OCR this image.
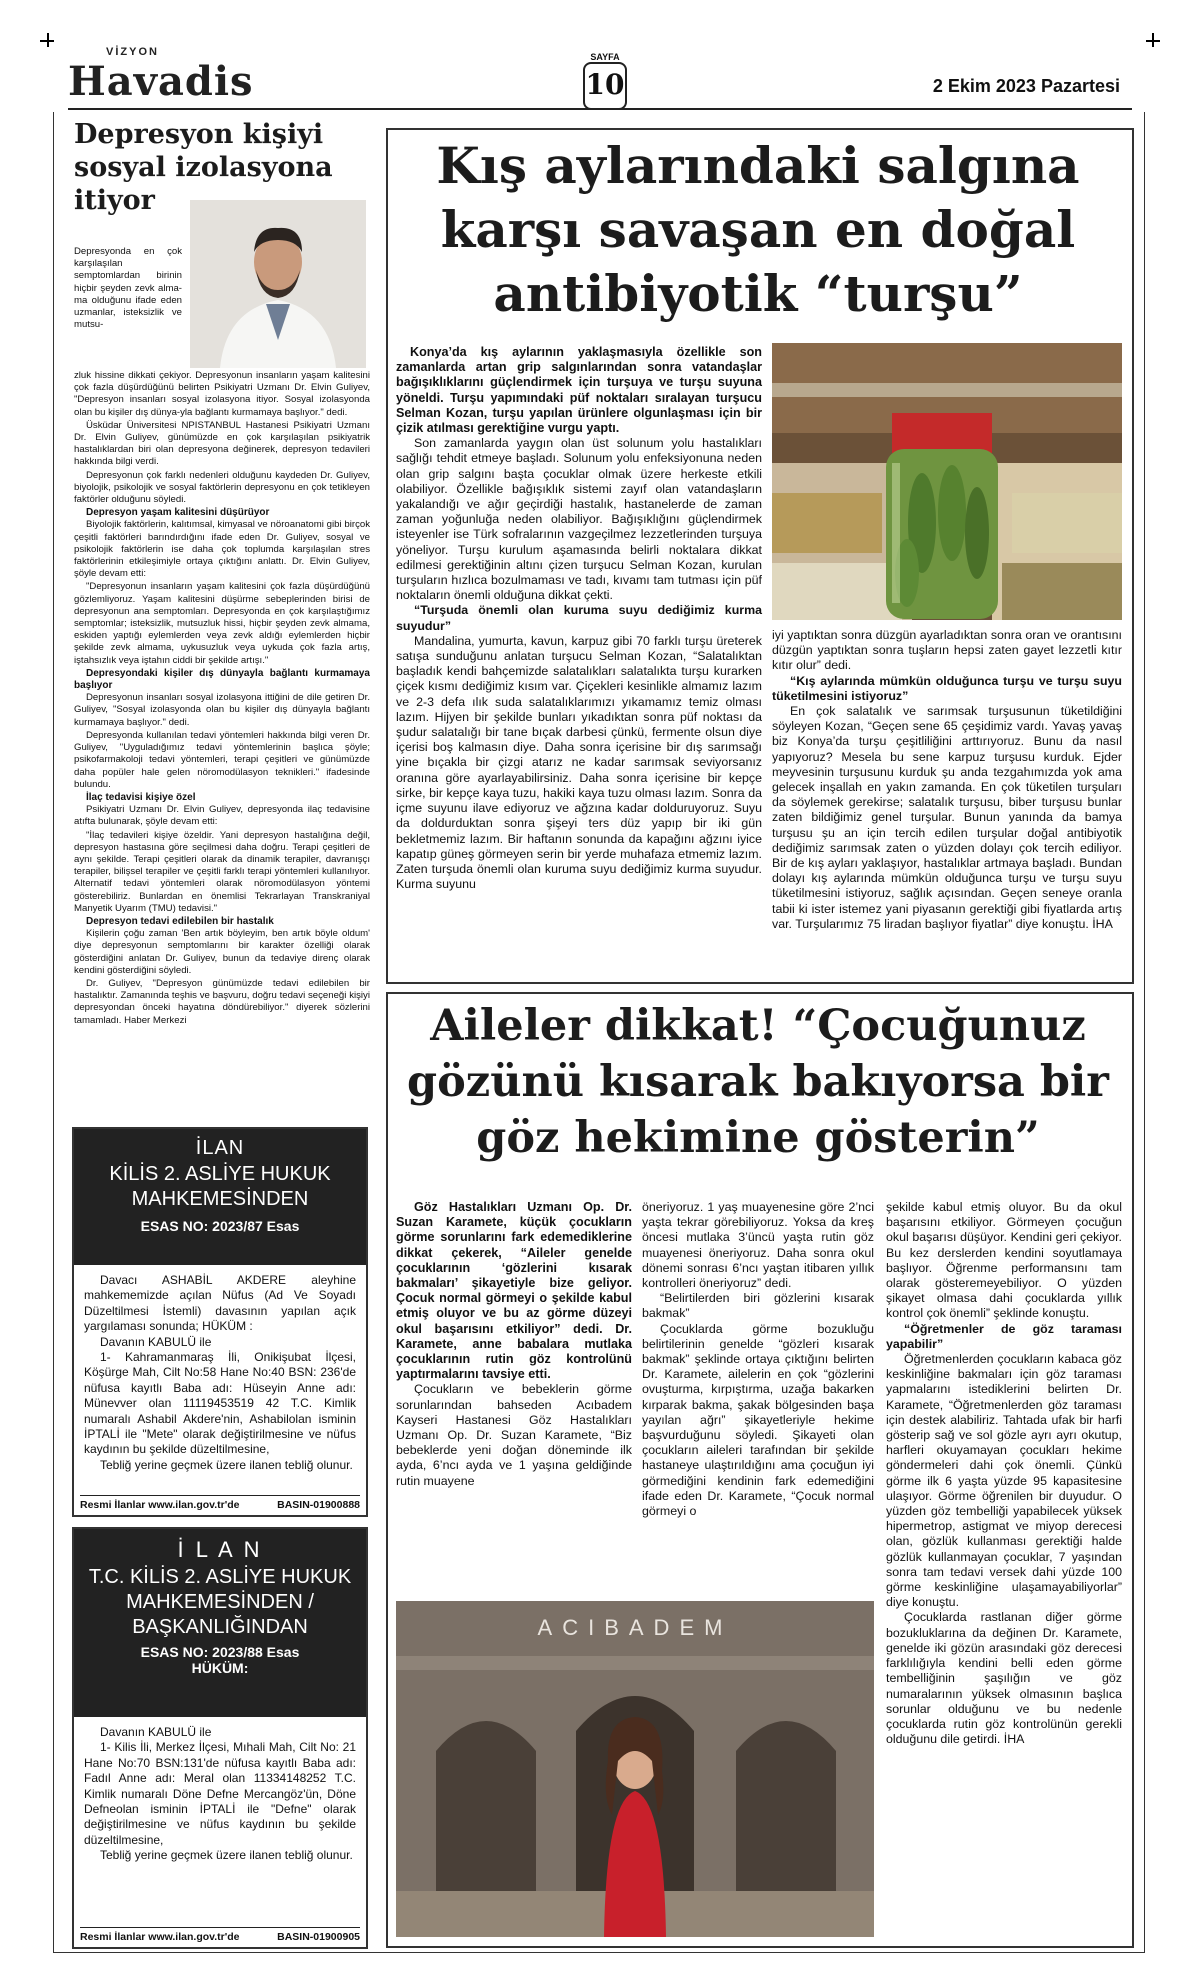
VİZYON
Havadis
SAYFA
10	2 Ekim 2023 Pazartesi
Depresyon kişiyi sosyal izolasyona itiyor
Depresyonda en çok karşılaşılan semptomlardan birinin hiçbir şeyden zevk alma-ma olduğunu ifade eden uzmanlar, isteksizlik ve mutsu-

zluk hissine dikkati çekiyor. Depresyonun insanların yaşam kalitesini çok fazla düşürdüğünü belirten Psikiyatri Uzmanı Dr. Elvin Guliyev, "Depresyon insanları sosyal izolasyona itiyor. Sosyal izolasyonda olan bu kişiler dış dünya-yla bağlantı kurmamaya başlıyor." dedi.

Üsküdar Üniversitesi NPISTANBUL Hastanesi Psikiyatri Uzmanı Dr. Elvin Guliyev, günümüzde en çok karşılaşılan psikiyatrik hastalıklardan biri olan depresyona değinerek, depresyon tedavileri hakkında bilgi verdi.

Depresyonun çok farklı nedenleri olduğunu kaydeden Dr. Guliyev, biyolojik, psikolojik ve sosyal faktörlerin depresyonu en çok tetikleyen faktörler olduğunu söyledi.

Depresyon yaşam kalitesini düşürüyor

Biyolojik faktörlerin, kalıtımsal, kimyasal ve nöroanatomi gibi birçok çeşitli faktörleri barındırdığını ifade eden Dr. Guliyev, sosyal ve psikolojik faktörlerin ise daha çok toplumda karşılaşılan stres faktörlerinin etkileşimiyle ortaya çıktığını anlattı. Dr. Elvin Guliyev, şöyle devam etti:

"Depresyonun insanların yaşam kalitesini çok fazla düşürdüğünü gözlemliyoruz. Yaşam kalitesini düşürme sebeplerinden birisi de depresyonun ana semptomları. Depresyonda en çok karşılaştığımız semptomlar; isteksizlik, mutsuzluk hissi, hiçbir şeyden zevk almama, eskiden yaptığı eylemlerden veya zevk aldığı eylemlerden hiçbir şekilde zevk almama, uykusuzluk veya uykuda çok fazla artış, iştahsızlık veya iştahın ciddi bir şekilde artışı."

Depresyondaki kişiler dış dünyayla bağlantı kurmamaya başlıyor

Depresyonun insanları sosyal izolasyona ittiğini de dile getiren Dr. Guliyev, "Sosyal izolasyonda olan bu kişiler dış dünyayla bağlantı kurmamaya başlıyor." dedi.

Depresyonda kullanılan tedavi yöntemleri hakkında bilgi veren Dr. Guliyev, "Uyguladığımız tedavi yöntemlerinin başlıca şöyle; psikofarmakoloji tedavi yöntemleri, terapi çeşitleri ve günümüzde daha popüler hale gelen nöromodülasyon teknikleri." ifadesinde bulundu.

İlaç tedavisi kişiye özel

Psikiyatri Uzmanı Dr. Elvin Guliyev, depresyonda ilaç tedavisine atıfta bulunarak, şöyle devam etti:

"İlaç tedavileri kişiye özeldir. Yani depresyon hastalığına değil, depresyon hastasına göre seçilmesi daha doğru. Terapi çeşitleri de aynı şekilde. Terapi çeşitleri olarak da dinamik terapiler, davranışçı terapiler, bilişsel terapiler ve çeşitli farklı terapi yöntemleri kullanılıyor. Alternatif tedavi yöntemleri olarak nöromodülasyon yöntemi gösterebiliriz. Bunlardan en önemlisi Tekrarlayan Transkraniyal Manyetik Uyarım (TMU) tedavisi."

Depresyon tedavi edilebilen bir hastalık

Kişilerin çoğu zaman 'Ben artık böyleyim, ben artık böyle oldum' diye depresyonun semptomlarını bir karakter özelliği olarak gösterdiğini anlatan Dr. Guliyev, bunun da tedaviye direnç olarak kendini gösterdiğini söyledi.

Dr. Guliyev, "Depresyon günümüzde tedavi edilebilen bir hastalıktır. Zamanında teşhis ve başvuru, doğru tedavi seçeneği kişiyi depresyondan önceki hayatına döndürebiliyor." diyerek sözlerini tamamladı. Haber Merkezi

İLAN
KİLİS 2. ASLİYE HUKUK MAHKEMESİNDEN
ESAS NO: 2023/87 Esas

Davacı ASHABİL AKDERE aleyhine mahkememizde açılan Nüfus (Ad Ve Soyadı Düzeltilmesi İstemli) davasının yapılan açık yargılaması sonunda; HÜKÜM :

Davanın KABULÜ ile

1- Kahramanmaraş İli, Onikişubat İlçesi, Köşürge Mah, Cilt No:58 Hane No:40 BSN: 236'de nüfusa kayıtlı Baba adı: Hüseyin Anne adı: Münevver olan 11119453519 42 T.C. Kimlik numaralı Ashabil Akdere'nin, Ashabilolan isminin İPTALİ ile "Mete" olarak değiştirilmesine ve nüfus kaydının bu şekilde düzeltilmesine,

Tebliğ yerine geçmek üzere ilanen tebliğ olunur.

Resmi İlanlar www.ilan.gov.tr'de	BASIN-01900888
İ L A N
T.C. KİLİS 2. ASLİYE HUKUK MAHKEMESİNDEN / BAŞKANLIĞINDAN
ESAS NO: 2023/88 Esas
HÜKÜM:

Davanın KABULÜ ile

1- Kilis İli, Merkez İlçesi, Mıhali Mah, Cilt No: 21 Hane No:70 BSN:131'de nüfusa kayıtlı Baba adı: Fadıl Anne adı: Meral olan 11334148252 T.C. Kimlik numaralı Döne Defne Mercangöz'ün, Döne Defneolan isminin İPTALİ ile "Defne" olarak değiştirilmesine ve nüfus kaydının bu şekilde düzeltilmesine,

Tebliğ yerine geçmek üzere ilanen tebliğ olunur.

Resmi İlanlar www.ilan.gov.tr'de	BASIN-01900905
Kış aylarındaki salgına karşı savaşan en doğal antibiyotik “turşu”

Konya’da kış aylarının yaklaşmasıyla özellikle son zamanlarda artan grip salgınlarından sonra vatandaşlar bağışıklıklarını güçlendirmek için turşuya ve turşu suyuna yöneldi. Turşu yapımındaki püf noktaları sıralayan turşucu Selman Kozan, turşu yapılan ürünlere olgunlaşması için bir çizik atılması gerektiğine vurgu yaptı.

Son zamanlarda yaygın olan üst solunum yolu hastalıkları sağlığı tehdit etmeye başladı. Solunum yolu enfeksiyonuna neden olan grip salgını başta çocuklar olmak üzere herkeste etkili olabiliyor. Özellikle bağışıklık sistemi zayıf olan vatandaşların yakalandığı ve ağır geçirdiği hastalık, hastanelerde de zaman zaman yoğunluğa neden olabiliyor. Bağışıklığını güçlendirmek isteyenler ise Türk sofralarının vazgeçilmez lezzetlerinden turşuya yöneliyor. Turşu kurulum aşamasında belirli noktalara dikkat edilmesi gerektiğinin altını çizen turşucu Selman Kozan, kurulan turşuların hızlıca bozulmaması ve tadı, kıvamı tam tutması için püf noktaların önemli olduğuna dikkat çekti.

“Turşuda önemli olan kuruma suyu dediğimiz kurma suyudur”

Mandalina, yumurta, kavun, karpuz gibi 70 farklı turşu üreterek satışa sunduğunu anlatan turşucu Selman Kozan, “Salatalıktan başladık kendi bahçemizde salatalıkları salatalıkta turşu kurarken çiçek kısmı dediğimiz kısım var. Çiçekleri kesinlikle almamız lazım ve 2-3 defa ılık suda salatalıklarımızı yıkamamız temiz olması lazım. Hijyen bir şekilde bunları yıkadıktan sonra püf noktası da şudur salatalığı bir tane bıçak darbesi çünkü, fermente olsun diye içerisi boş kalmasın diye. Daha sonra içerisine bir dış sarımsağı yine bıçakla bir çizgi atarız ne kadar sarımsak seviyorsanız oranına göre ayarlayabilirsiniz. Daha sonra içerisine bir kepçe sirke, bir kepçe kaya tuzu, hakiki kaya tuzu olması lazım. Sonra da içme suyunu ilave ediyoruz ve ağzına kadar dolduruyoruz. Suyu da doldurduktan sonra şişeyi ters düz yapıp bir iki gün bekletmemiz lazım. Bir haftanın sonunda da kapağını ağzını iyice kapatıp güneş görmeyen serin bir yerde muhafaza etmemiz lazım. Zaten turşuda önemli olan kuruma suyu dediğimiz kurma suyudur. Kurma suyunu

iyi yaptıktan sonra düzgün ayarladıktan sonra oran ve orantısını düzgün yaptıktan sonra tuşların hepsi zaten gayet lezzetli kıtır kıtır olur” dedi.

“Kış aylarında mümkün olduğunca turşu ve turşu suyu tüketilmesini istiyoruz”

En çok salatalık ve sarımsak turşusunun tüketildiğini söyleyen Kozan, “Geçen sene 65 çeşidimiz vardı. Yavaş yavaş biz Konya’da turşu çeşitliliğini arttırıyoruz. Bunu da nasıl yapıyoruz? Mesela bu sene karpuz turşusu kurduk. Ejder meyvesinin turşusunu kurduk şu anda tezgahımızda yok ama gelecek inşallah en yakın zamanda. En çok tüketilen turşuları da söylemek gerekirse; salatalık turşusu, biber turşusu bunlar zaten bildiğimiz genel turşular. Bunun yanında da bamya turşusu şu an için tercih edilen turşular doğal antibiyotik dediğimiz sarımsak zaten o yüzden dolayı çok tercih ediliyor. Bir de kış ayları yaklaşıyor, hastalıklar artmaya başladı. Bundan dolayı kış aylarında mümkün olduğunca turşu ve turşu suyu tüketilmesini istiyoruz, sağlık açısından. Geçen seneye oranla tabii ki ister istemez yani piyasanın gerektiği gibi fiyatlarda artış var. Turşularımız 75 liradan başlıyor fiyatlar” diye konuştu. İHA

Aileler dikkat! “Çocuğunuz gözünü kısarak bakıyorsa bir göz hekimine gösterin”

Göz Hastalıkları Uzmanı Op. Dr. Suzan Karamete, küçük çocukların görme sorunlarını fark edemediklerine dikkat çekerek, “Aileler genelde çocuklarının ‘gözlerini kısarak bakmaları’ şikayetiyle bize geliyor. Çocuk normal görmeyi o şekilde kabul etmiş oluyor ve bu az görme düzeyi okul başarısını etkiliyor” dedi. Dr. Karamete, anne babalara mutlaka çocuklarının rutin göz kontrolünü yaptırmalarını tavsiye etti.

Çocukların ve bebeklerin görme sorunlarından bahseden Acıbadem Kayseri Hastanesi Göz Hastalıkları Uzmanı Op. Dr. Suzan Karamete, “Biz bebeklerde yeni doğan döneminde ilk ayda, 6’ncı ayda ve 1 yaşına geldiğinde rutin muayene

öneriyoruz. 1 yaş muayenesine göre 2’nci yaşta tekrar görebiliyoruz. Yoksa da kreş öncesi mutlaka 3’üncü yaşta rutin göz muayenesi öneriyoruz. Daha sonra okul dönemi sonrası 6’ncı yaştan itibaren yıllık kontrolleri öneriyoruz” dedi.

“Belirtilerden biri gözlerini kısarak bakmak”

Çocuklarda görme bozukluğu belirtilerinin genelde “gözleri kısarak bakmak” şeklinde ortaya çıktığını belirten Dr. Karamete, ailelerin en çok “gözlerini ovuşturma, kırpıştırma, uzağa bakarken kırparak bakma, şakak bölgesinden başa yayılan ağrı” şikayetleriyle hekime başvurduğunu söyledi. Şikayeti olan çocukların aileleri tarafından bir şekilde hastaneye ulaştırıldığını ama çocuğun iyi görmediğini kendinin fark edemediğini ifade eden Dr. Karamete, “Çocuk normal görmeyi o

şekilde kabul etmiş oluyor. Bu da okul başarısını etkiliyor. Görmeyen çocuğun okul başarısı düşüyor. Kendini geri çekiyor. Bu kez derslerden kendini soyutlamaya başlıyor. Öğrenme performansını tam olarak gösteremeyebiliyor. O yüzden şikayet olmasa dahi çocuklarda yıllık kontrol çok önemli” şeklinde konuştu.

“Öğretmenler de göz taraması yapabilir”

Öğretmenlerden çocukların kabaca göz keskinliğine bakmaları için göz taraması yapmalarını istediklerini belirten Dr. Karamete, “Öğretmenlerden göz taraması için destek alabiliriz. Tahtada ufak bir harfi gösterip sağ ve sol gözle ayrı ayrı okutup, harfleri okuyamayan çocukları hekime göndermeleri dahi çok önemli. Çünkü görme ilk 6 yaşta yüzde 95 kapasitesine ulaşıyor. Görme öğrenilen bir duyudur. O yüzden göz tembelliği yapabilecek yüksek hipermetrop, astigmat ve miyop derecesi olan, gözlük kullanması gerektiği halde gözlük kullanmayan çocuklar, 7 yaşından sonra tam tedavi versek dahi yüzde 100 görme keskinliğine ulaşamayabiliyorlar” diye konuştu.

Çocuklarda rastlanan diğer görme bozukluklarına da değinen Dr. Karamete, genelde iki gözün arasındaki göz derecesi farklılığıyla kendini belli eden görme tembelliğinin şaşılığın ve göz numaralarının yüksek olmasının başlıca sorunlar olduğunu ve bu nedenle çocuklarda rutin göz kontrolünün gerekli olduğunu dile getirdi. İHA

ACIBADEM
